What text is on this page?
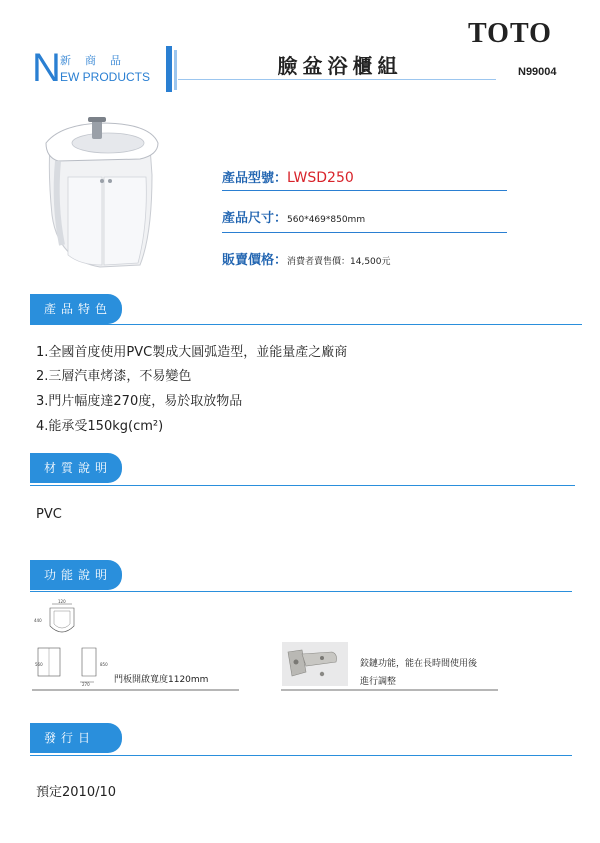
N 新商品
EW PRODUCTS	臉盆浴櫃組
TOTO
N99004
產品型號：LWSD250
產品尺寸：560*469*850mm
販賣價格：消費者賣售價：14,500元
產品特色
1.全國首度使用PVC製成大圓弧造型，並能量產之廠商
2.三層汽車烤漆，不易變色
3.門片幅度達270度，易於取放物品
4.能承受150kg(cm²)
材質說明
PVC
功能說明
120
440
560	850
270	門板開啟寬度1120mm
鉸鏈功能，能在長時間使用後
進行調整
發行日
預定2010/10
